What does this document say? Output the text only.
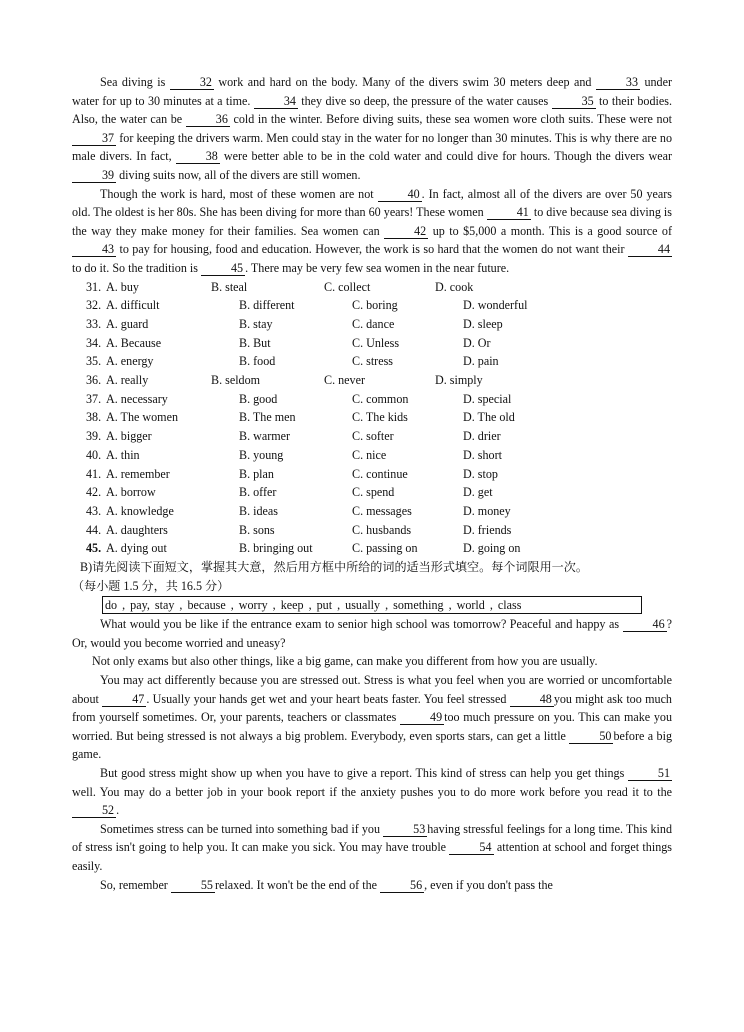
Sea diving is 32 work and hard on the body. Many of the divers swim 30 meters deep and 33 under water for up to 30 minutes at a time. 34 they dive so deep, the pressure of the water causes 35 to their bodies. Also, the water can be 36 cold in the winter. Before diving suits, these sea women wore cloth suits. These were not 37 for keeping the drivers warm. Men could stay in the water for no longer than 30 minutes. This is why there are no male divers. In fact, 38 were better able to be in the cold water and could dive for hours. Though the divers wear 39 diving suits now, all of the divers are still women.

Though the work is hard, most of these women are not 40 . In fact, almost all of the divers are over 50 years old. The oldest is her 80s. She has been diving for more than 60 years! These women 41 to dive because sea diving is the way they make money for their families. Sea women can 42 up to $5,000 a month. This is a good source of 43 to pay for housing, food and education. However, the work is so hard that the women do not want their 44 to do it. So the tradition is 45 . There may be very few sea women in the near future.

31. A. buy	B. steal	C. collect	D. cook
32. A. difficult	B. different	C. boring	D. wonderful
33. A. guard	B. stay	C. dance	D. sleep
34. A. Because	B. But	C. Unless	D. Or
35. A. energy	B. food	C. stress	D. pain
36. A. really	B. seldom	C. never	D. simply
37. A. necessary	B. good	C. common	D. special
38. A. The women	B. The men	C. The kids	D. The old
39. A. bigger	B. warmer	C. softer	D. drier
40. A. thin	B. young	C. nice	D. short
41. A. remember	B. plan	C. continue	D. stop
42. A. borrow	B. offer	C. spend	D. get
43. A. knowledge	B. ideas	C. messages	D. money
44. A. daughters	B. sons	C. husbands	D. friends
45. A. dying out	B. bringing out	C. passing on	D. going on

B)请先阅读下面短文，掌握其大意，然后用方框中所给的词的适当形式填空。每个词限用一次。

（每小题 1.5 分，共 16.5 分）

do , pay, stay , because , worry , keep , put , usually , something , world , class

What would you be like if the entrance exam to senior high school was tomorrow? Peaceful and happy as 46 ? Or, would you become worried and uneasy?

Not only exams but also other things, like a big game, can make you different from how you are usually.

You may act differently because you are stressed out. Stress is what you feel when you are worried or uncomfortable about 47 . Usually your hands get wet and your heart beats faster. You feel stressed 48 you might ask too much from yourself sometimes. Or, your parents, teachers or classmates 49 too much pressure on you. This can make you worried. But being stressed is not always a big problem. Everybody, even sports stars, can get a little 50 before a big game.

But good stress might show up when you have to give a report. This kind of stress can help you get things 51 well. You may do a better job in your book report if the anxiety pushes you to do more work before you read it to the 52 .

Sometimes stress can be turned into something bad if you 53 having stressful feelings for a long time. This kind of stress isn't going to help you. It can make you sick. You may have trouble 54 attention at school and forget things easily.

So, remember 55 relaxed. It won't be the end of the 56 , even if you don't pass the
